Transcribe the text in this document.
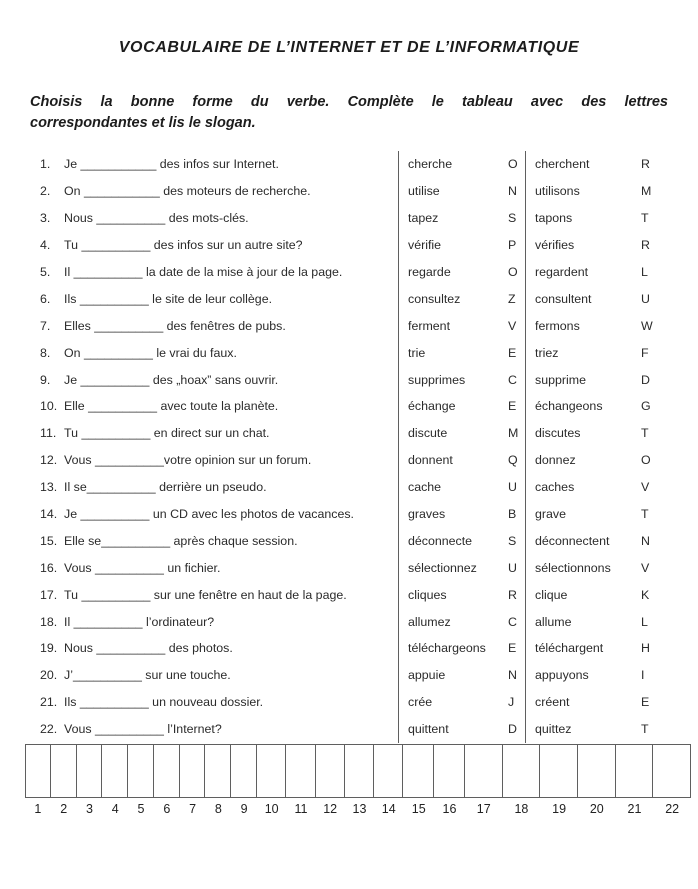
VOCABULAIRE DE L’INTERNET ET DE L’INFORMATIQUE
Choisis la bonne forme du verbe. Complète le tableau avec des lettres
correspondantes et lis le slogan.
1.	Je ___________ des infos sur Internet.	cherche	O	cherchent	R
2.	On ___________ des moteurs de recherche.	utilise	N	utilisons	M
3.	Nous __________ des mots-clés.	tapez	S	tapons	T
4.	Tu __________ des infos sur un autre site?	vérifie	P	vérifies	R
5.	Il __________ la date de la mise à jour de la page.	regarde	O	regardent	L
6.	Ils __________ le site de leur collège.	consultez	Z	consultent	U
7.	Elles __________ des fenêtres de pubs.	ferment	V	fermons	W
8.	On __________ le vrai du faux.	trie	E	triez	F
9.	Je __________ des „hoax” sans ouvrir.	supprimes	C	supprime	D
10. Elle __________ avec toute la planète.	échange	E	échangeons	G
11. Tu __________ en direct sur un chat.	discute	M	discutes	T
12. Vous __________votre opinion sur un forum.	donnent	Q	donnez	O
13. Il se__________ derrière un pseudo.	cache	U	caches	V
14. Je __________ un CD avec les photos de vacances.	graves	B	grave	T
15. Elle se__________ après chaque session.	déconnecte	S	déconnectent	N
16. Vous __________ un fichier.	sélectionnez	U	sélectionnons	V
17. Tu __________ sur une fenêtre en haut de la page.	cliques	R	clique	K
18. Il __________ l’ordinateur?	allumez	C	allume	L
19. Nous __________ des photos.	téléchargeons	E	téléchargent	H
20. J’__________ sur une touche.	appuie	N	appuyons	I
21. Ils __________ un nouveau dossier.	crée	J	créent	E
22. Vous __________ l’Internet?	quittent	D	quittez	T
1	2	3	4	5	6	7	8	9	10	11	12	13	14	15	16	17	18	19	20	21	22
